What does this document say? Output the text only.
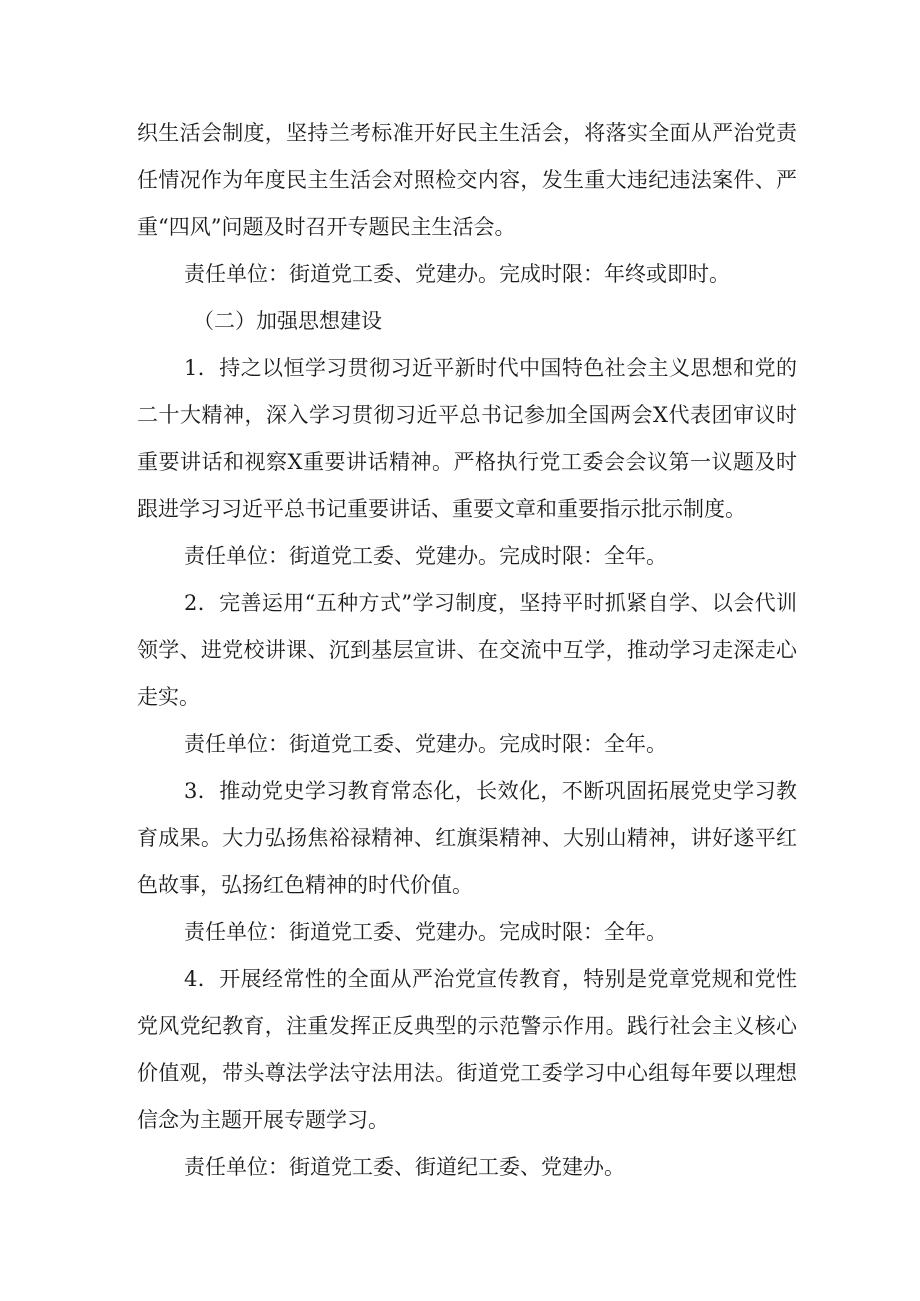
织生活会制度，坚持兰考标准开好民主生活会，将落实全面从严治党责任情况作为年度民主生活会对照检交内容，发生重大违纪违法案件、严重“四风”问题及时召开专题民主生活会。

责任单位：街道党工委、党建办。完成时限：年终或即时。

（二）加强思想建设

1．持之以恒学习贯彻习近平新时代中国特色社会主义思想和党的二十大精神，深入学习贯彻习近平总书记参加全国两会X代表团审议时重要讲话和视察X重要讲话精神。严格执行党工委会会议第一议题及时跟进学习习近平总书记重要讲话、重要文章和重要指示批示制度。

责任单位：街道党工委、党建办。完成时限：全年。

2．完善运用“五种方式”学习制度，坚持平时抓紧自学、以会代训领学、进党校讲课、沉到基层宣讲、在交流中互学，推动学习走深走心走实。

责任单位：街道党工委、党建办。完成时限：全年。

3．推动党史学习教育常态化，长效化，不断巩固拓展党史学习教育成果。大力弘扬焦裕禄精神、红旗渠精神、大别山精神，讲好遂平红色故事，弘扬红色精神的时代价值。

责任单位：街道党工委、党建办。完成时限：全年。

4．开展经常性的全面从严治党宣传教育，特别是党章党规和党性党风党纪教育，注重发挥正反典型的示范警示作用。践行社会主义核心价值观，带头尊法学法守法用法。街道党工委学习中心组每年要以理想信念为主题开展专题学习。

责任单位：街道党工委、街道纪工委、党建办。
